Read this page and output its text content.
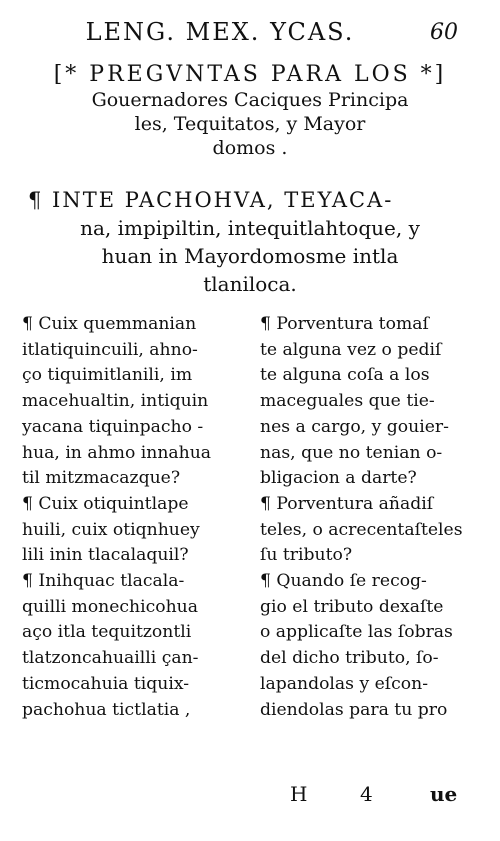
LENG. MEX. YCAS.	60
[* PREGVNTAS PARA LOS *]
Gouernadores Caciques Principa
les, Tequitatos, y Mayor
domos .
¶ INTE PACHOHVA, TEYACA-
na, impipiltin, intequitlahtoque, y
huan in Mayordomosme intla
tlaniloca.
¶ Cuix quemmanian
itlatiquincuili, ahno-
ço tiquimitlanili, im
macehualtin, intiquin
yacana tiquinpacho -
hua, in ahmo innahua
til mitzmacazque?
¶ Cuix otiquintlape
huili, cuix otiqnhuey
lili inin tlacalaquil?
¶ Inihquac tlacala-
quilli monechicohua
aço itla tequitzontli
tlatzoncahuailli çan-
ticmocahuia tiquix-
pachohua tictlatia ,
¶ Porventura tomaſ
te alguna vez o pediſ
te alguna coſa a los
maceguales que tie-
nes a cargo, y gouier-
nas, que no tenian o-
bligacion a darte?
¶ Porventura añadiſ
teles, o acrecentaſteles
ſu tributo?
¶ Quando ſe recog-
gio el tributo dexaſte
o applicaſte las ſobras
del dicho tributo, ſo-
lapandolas y eſcon-
diendolas para tu pro
H	4	ue
